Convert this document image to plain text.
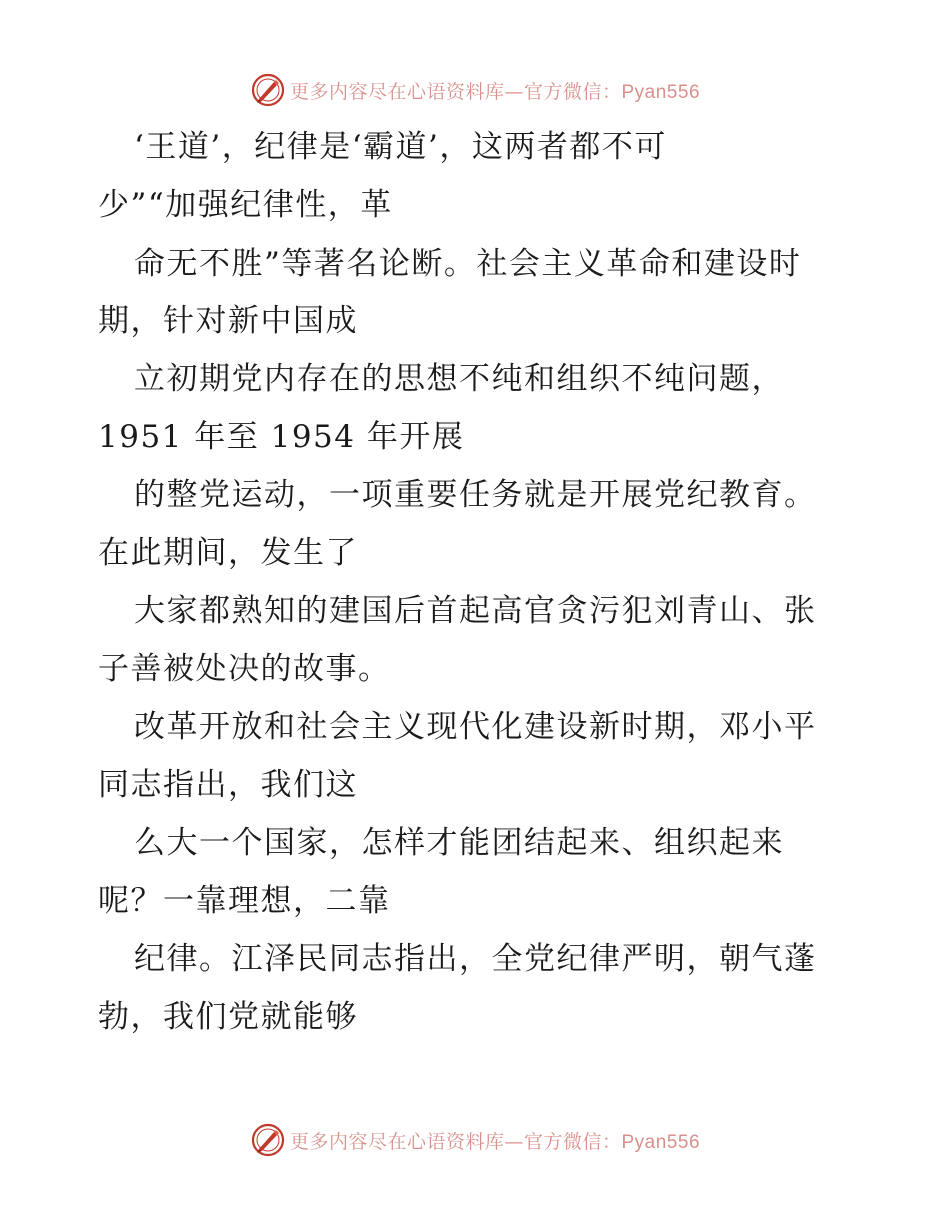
更多内容尽在心语资料库—官方微信：Pyan556
‘王道’，纪律是‘霸道’，这两者都不可
少”“加强纪律性，革
命无不胜”等著名论断。社会主义革命和建设时
期，针对新中国成
立初期党内存在的思想不纯和组织不纯问题，
1951 年至 1954 年开展
的整党运动，一项重要任务就是开展党纪教育。
在此期间，发生了
大家都熟知的建国后首起高官贪污犯刘青山、张
子善被处决的故事。
改革开放和社会主义现代化建设新时期，邓小平
同志指出，我们这
么大一个国家，怎样才能团结起来、组织起来
呢？一靠理想，二靠
纪律。江泽民同志指出，全党纪律严明，朝气蓬
勃，我们党就能够
更多内容尽在心语资料库—官方微信：Pyan556
